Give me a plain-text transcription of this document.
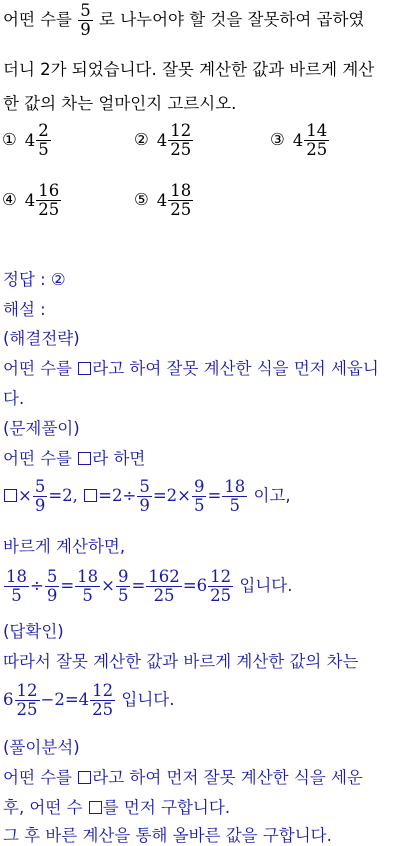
어떤 수를 $\frac{5}{9}$ 로 나누어야 할 것을 잘못하여 곱하였
더니 2가 되었습니다. 잘못 계산한 값과 바르게 계산
한 값의 차는 얼마인지 고르시오.
① $4 \frac{2}{5}$	② $4 \frac{12}{25}$	③ $4 \frac{14}{25}$
④ $4 \frac{16}{25}$	⑤ $4 \frac{18}{25}$
정답 : ②
해설 :
(해결전략)
어떤 수를 라고 하여 잘못 계산한 식을 먼저 세웁니
다.
(문제풀이)
어떤 수를 라 하면
× $\frac{5}{9} =2$, $=2\div \frac{5}{9} =2\times \frac{9}{5} = \frac{18}{5}$ 이고,
바르게 계산하면,
$\frac{18}{5} \div \frac{5}{9} = \frac{18}{5} \times \frac{9}{5} = \frac{162}{25} =6 \frac{12}{25}$ 입니다.
(답확인)
따라서 잘못 계산한 값과 바르게 계산한 값의 차는
$6 \frac{12}{25} -2=4 \frac{12}{25}$ 입니다.
(풀이분석)
어떤 수를 라고 하여 먼저 잘못 계산한 식을 세운
후, 어떤 수 를 먼저 구합니다.
그 후 바른 계산을 통해 올바른 값을 구합니다.
